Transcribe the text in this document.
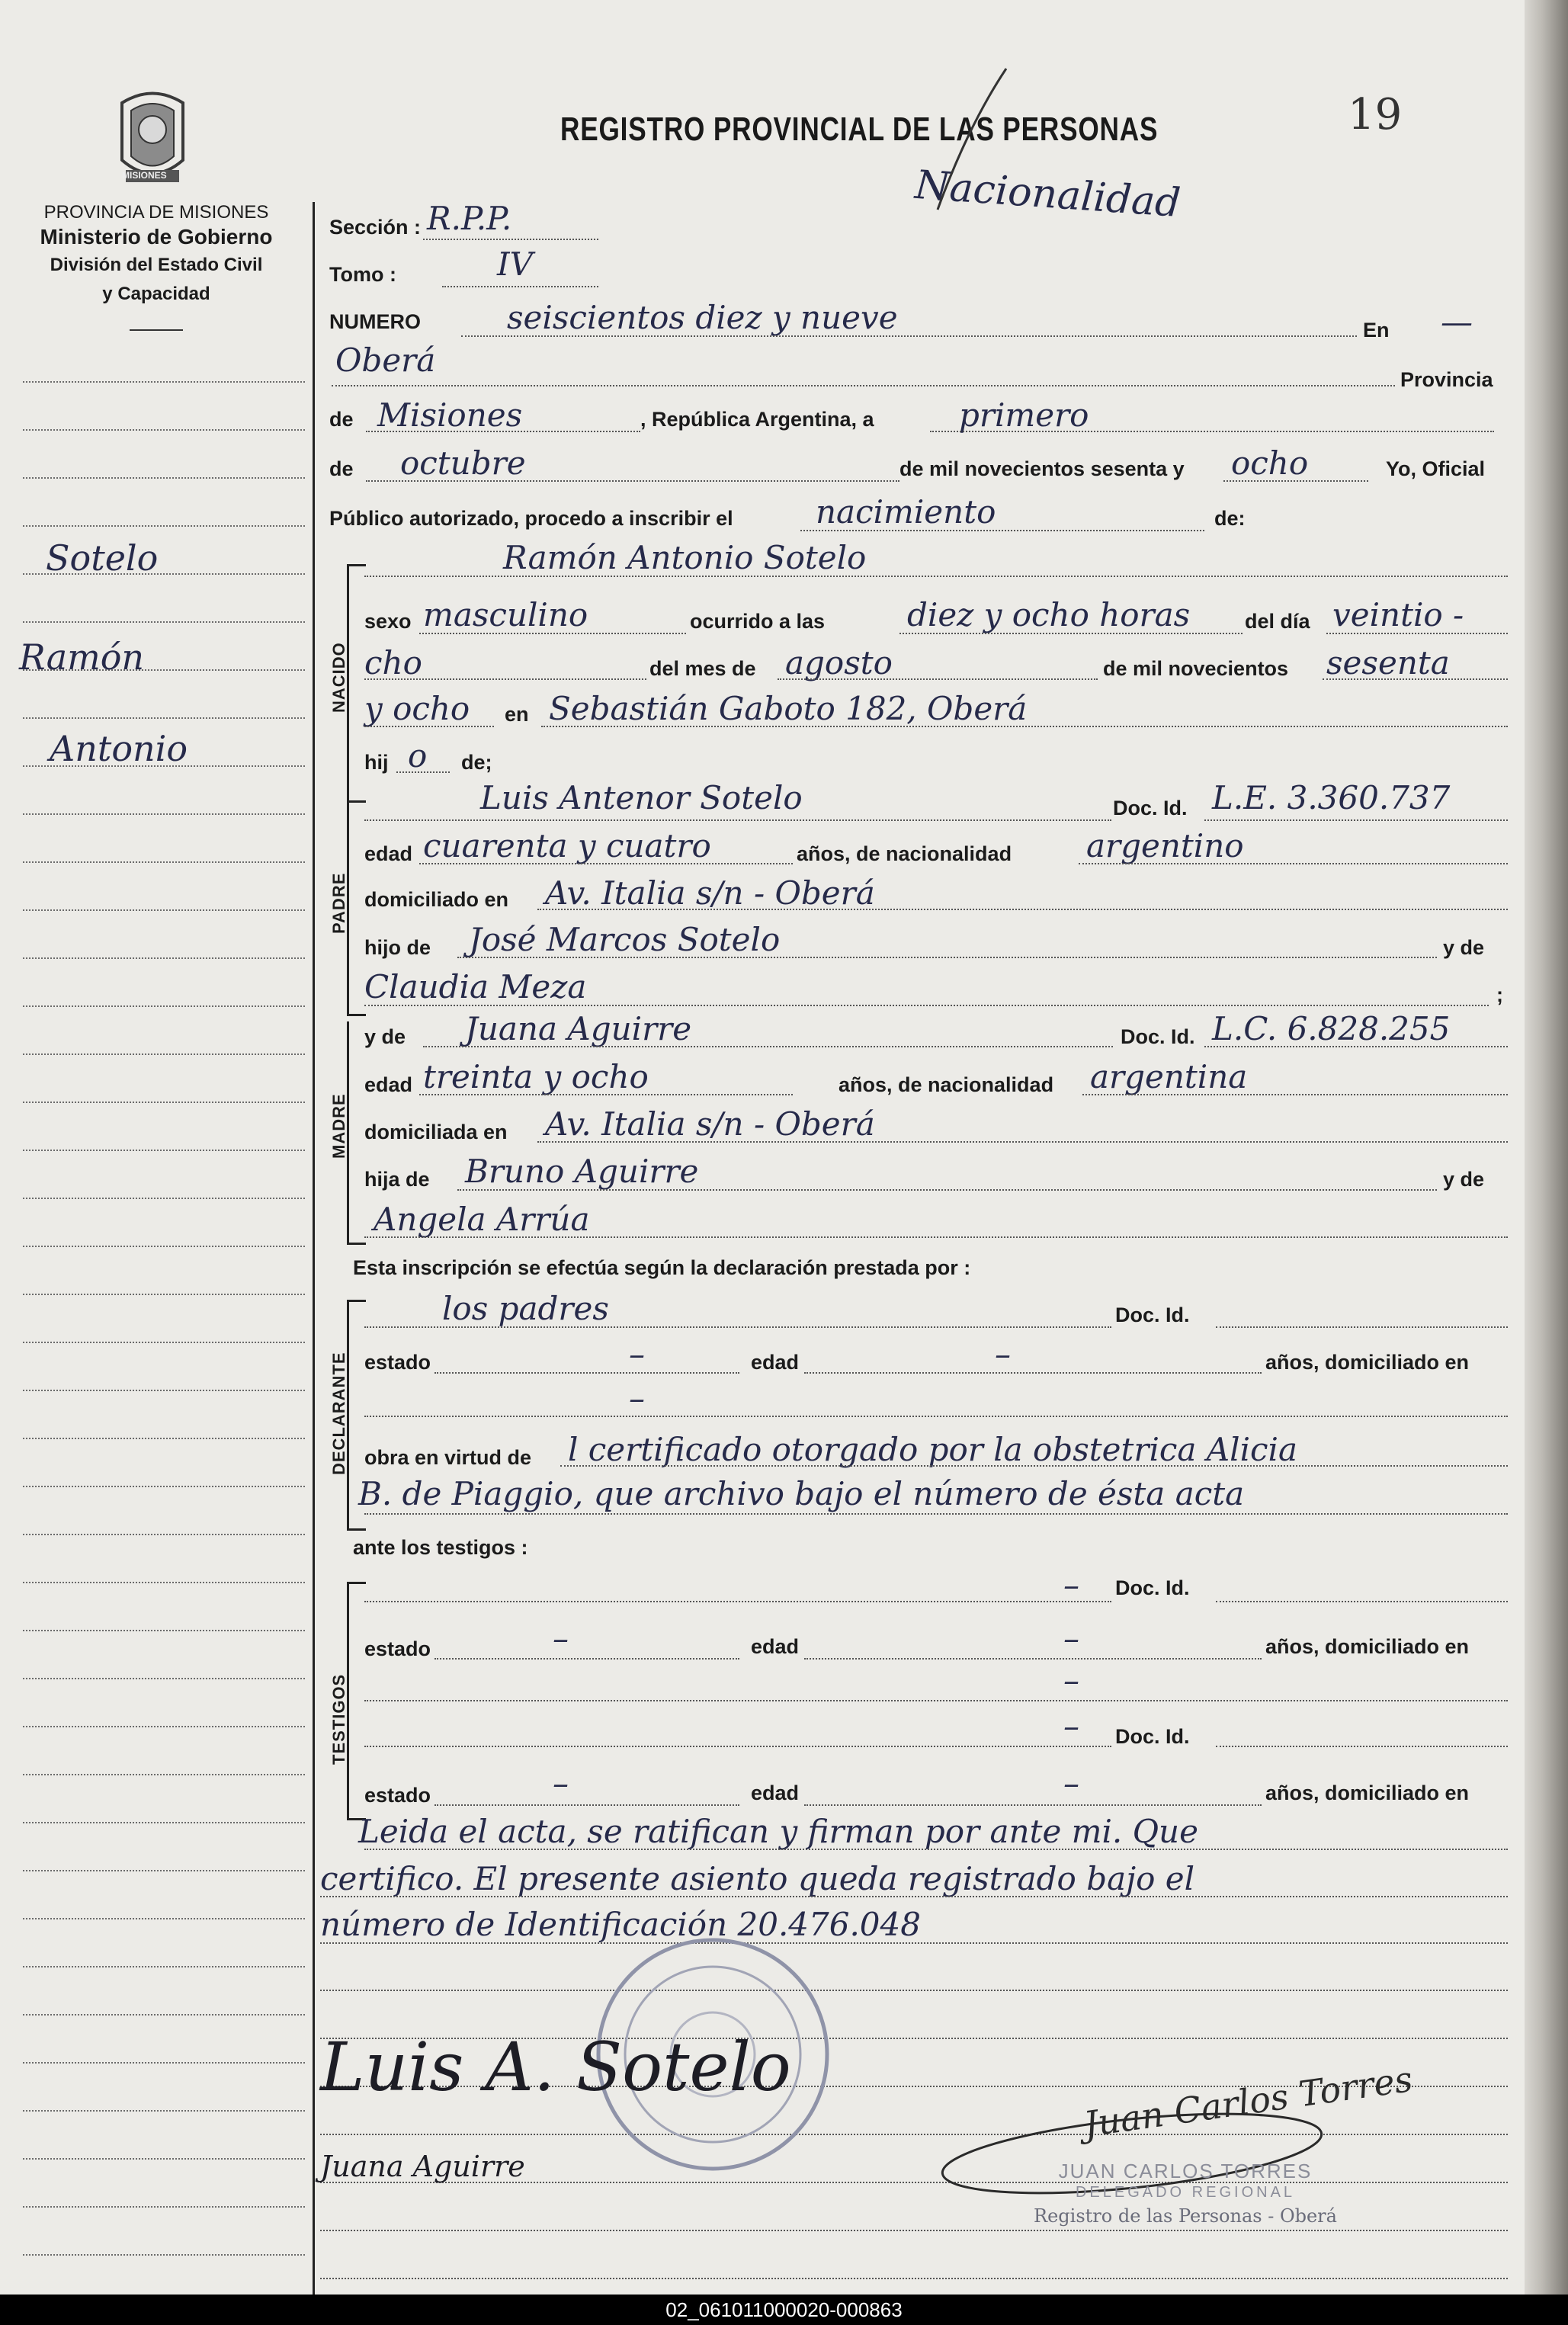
MISIONES
PROVINCIA DE MISIONES
Ministerio de Gobierno
División del Estado Civil
y Capacidad
Sotelo
Ramón
Antonio
REGISTRO PROVINCIAL DE LAS PERSONAS	19
Nacionalidad
Sección : R.P.P.
Tomo :	IV
NUMERO	seiscientos diez y nueve	En —
Oberá
Provincia
de Misiones	, República Argentina, a	primero
de octubre	de mil novecientos sesenta y ocho	Yo, Oficial
Público autorizado, procedo a inscribir el	nacimiento	de:
NACIDO
Ramón Antonio Sotelo
sexo masculino	ocurrido a las	diez y ocho horas	del día veintio -
cho	del mes de agosto	de mil novecientos sesenta
y ocho en Sebastián Gaboto 182, Oberá
hij o de;
PADRE
Luis Antenor Sotelo	Doc. Id. L.E. 3.360.737
edad cuarenta y cuatro	años, de nacionalidad argentino
domiciliado en Av. Italia s/n - Oberá
hijo de José Marcos Sotelo	y de
Claudia Meza	;
MADRE
y de Juana Aguirre	Doc. Id. L.C. 6.828.255
edad treinta y ocho	años, de nacionalidad argentina
domiciliada en Av. Italia s/n - Oberá
hija de Bruno Aguirre	y de
Angela Arrúa
Esta inscripción se efectúa según la declaración prestada por :
DECLARANTE
los padres	Doc. Id.
estado	–	edad	–	años, domiciliado en
–
obra en virtud de l certificado otorgado por la obstetrica Alicia
B. de Piaggio, que archivo bajo el número de ésta acta
ante los testigos :
TESTIGOS
– Doc. Id.
estado	–	edad	–	años, domiciliado en
–
– Doc. Id.
estado	–	edad	–	años, domiciliado en
Leida el acta, se ratifican y firman por ante mi. Que
certifico. El presente asiento queda registrado bajo el
número de Identificación 20.476.048
Luis A. Sotelo
Juana Aguirre
Juan Carlos Torres
JUAN CARLOS TORRES
DELEGADO REGIONAL
Registro de las Personas - Oberá
02_061011000020-000863
